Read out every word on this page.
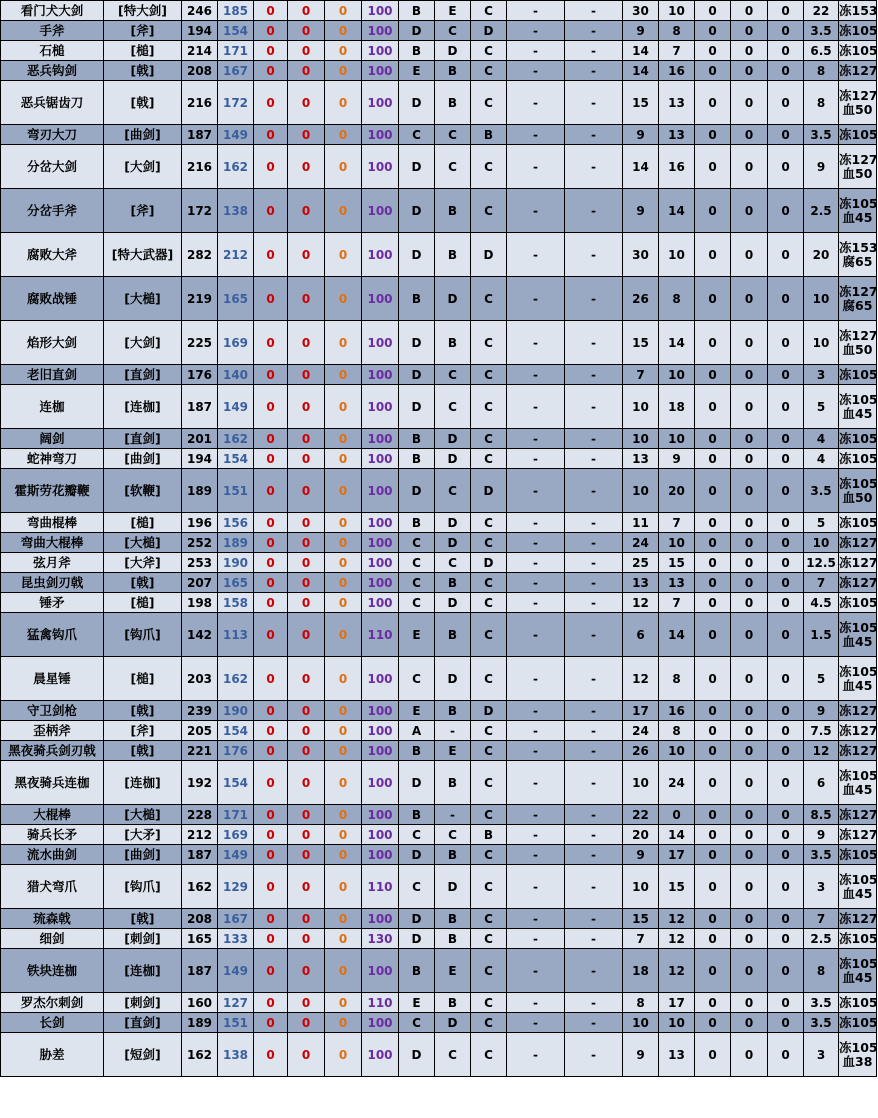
看门犬大剑	[特大剑]	246	185	0	0	0	100	B	E	C	-	-	30	10	0	0	0	22	冻153

手斧	[斧]	194	154	0	0	0	100	D	C	D	-	-	9	8	0	0	0	3.5	冻105

石槌	[槌]	214	171	0	0	0	100	B	D	C	-	-	14	7	0	0	0	6.5	冻105

恶兵钩剑	[戟]	208	167	0	0	0	100	E	B	C	-	-	14	16	0	0	0	8	冻127

恶兵锯齿刀	[戟]	216	172	0	0	0	100	D	B	C	-	-	15	13	0	0	0	8	冻127
血50

弯刃大刀	[曲剑]	187	149	0	0	0	100	C	C	B	-	-	9	13	0	0	0	3.5	冻105

分岔大剑	[大剑]	216	162	0	0	0	100	D	C	C	-	-	14	16	0	0	0	9	冻127
血50

分岔手斧	[斧]	172	138	0	0	0	100	D	B	C	-	-	9	14	0	0	0	2.5	冻105
血45

腐败大斧	[特大武器]	282	212	0	0	0	100	D	B	D	-	-	30	10	0	0	0	20	冻153
腐65

腐败战锤	[大槌]	219	165	0	0	0	100	B	D	C	-	-	26	8	0	0	0	10	冻127
腐65

焰形大剑	[大剑]	225	169	0	0	0	100	D	B	C	-	-	15	14	0	0	0	10	冻127
血50

老旧直剑	[直剑]	176	140	0	0	0	100	D	C	C	-	-	7	10	0	0	0	3	冻105

连枷	[连枷]	187	149	0	0	0	100	D	C	C	-	-	10	18	0	0	0	5	冻105
血45

阔剑	[直剑]	201	162	0	0	0	100	B	D	C	-	-	10	10	0	0	0	4	冻105

蛇神弯刀	[曲剑]	194	154	0	0	0	100	B	D	C	-	-	13	9	0	0	0	4	冻105

霍斯劳花瓣鞭	[软鞭]	189	151	0	0	0	100	D	C	D	-	-	10	20	0	0	0	3.5	冻105
血50

弯曲棍棒	[槌]	196	156	0	0	0	100	B	D	C	-	-	11	7	0	0	0	5	冻105

弯曲大棍棒	[大槌]	252	189	0	0	0	100	C	D	C	-	-	24	10	0	0	0	10	冻127

弦月斧	[大斧]	253	190	0	0	0	100	C	C	D	-	-	25	15	0	0	0	12.5	冻127

昆虫剑刃戟	[戟]	207	165	0	0	0	100	C	B	C	-	-	13	13	0	0	0	7	冻127

锤矛	[槌]	198	158	0	0	0	100	C	D	C	-	-	12	7	0	0	0	4.5	冻105

猛禽钩爪	[钩爪]	142	113	0	0	0	110	E	B	C	-	-	6	14	0	0	0	1.5	冻105
血45

晨星锤	[槌]	203	162	0	0	0	100	C	D	C	-	-	12	8	0	0	0	5	冻105
血45

守卫剑枪	[戟]	239	190	0	0	0	100	E	B	D	-	-	17	16	0	0	0	9	冻127

歪柄斧	[斧]	205	154	0	0	0	100	A	-	C	-	-	24	8	0	0	0	7.5	冻127

黑夜骑兵剑刃戟	[戟]	221	176	0	0	0	100	B	E	C	-	-	26	10	0	0	0	12	冻127

黑夜骑兵连枷	[连枷]	192	154	0	0	0	100	D	B	C	-	-	10	24	0	0	0	6	冻105
血45

大棍棒	[大槌]	228	171	0	0	0	100	B	-	C	-	-	22	0	0	0	0	8.5	冻127

骑兵长矛	[大矛]	212	169	0	0	0	100	C	C	B	-	-	20	14	0	0	0	9	冻127

流水曲剑	[曲剑]	187	149	0	0	0	100	D	B	C	-	-	9	17	0	0	0	3.5	冻105

猎犬弯爪	[钩爪]	162	129	0	0	0	110	C	D	C	-	-	10	15	0	0	0	3	冻105
血45

琉森戟	[戟]	208	167	0	0	0	100	D	B	C	-	-	15	12	0	0	0	7	冻127

细剑	[刺剑]	165	133	0	0	0	130	D	B	C	-	-	7	12	0	0	0	2.5	冻105

铁块连枷	[连枷]	187	149	0	0	0	100	B	E	C	-	-	18	12	0	0	0	8	冻105
血45

罗杰尔刺剑	[刺剑]	160	127	0	0	0	110	E	B	C	-	-	8	17	0	0	0	3.5	冻105

长剑	[直剑]	189	151	0	0	0	100	C	D	C	-	-	10	10	0	0	0	3.5	冻105

胁差	[短剑]	162	138	0	0	0	100	D	C	C	-	-	9	13	0	0	0	3	冻105
血38
游民星空
